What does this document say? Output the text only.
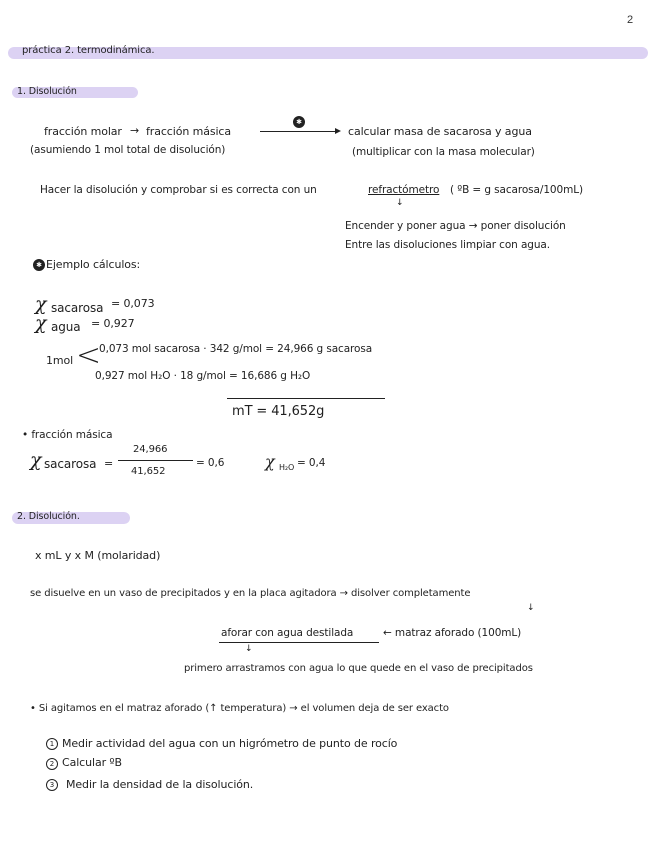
2
práctica 2. termodinámica.
1. Disolución
fracción molar → fracción másica
(asumiendo 1 mol total de disolución)
✱
calcular masa de sacarosa y agua
(multiplicar con la masa molecular)
Hacer la disolución y comprobar si es correcta con un	refractómetro ( ºB = g sacarosa/100mL)
↓
Encender y poner agua → poner disolución
Entre las disoluciones limpiar con agua.
✱ Ejemplo cálculos:
χ sacarosa = 0,073
χ agua = 0,927
1mol <
0,073 mol sacarosa · 342 g/mol = 24,966 g sacarosa
0,927 mol H₂O · 18 g/mol = 16,686 g H₂O
mT = 41,652g
• fracción másica
χ sacarosa =
24,966
41,652
= 0,6	χ H₂O = 0,4
2. Disolución.
x mL y x M (molaridad)
se disuelve en un vaso de precipitados y en la placa agitadora → disolver completamente
↓
aforar con agua destilada	← matraz aforado (100mL)
↓
primero arrastramos con agua lo que quede en el vaso de precipitados
• Si agitamos en el matraz aforado (↑ temperatura) → el volumen deja de ser exacto
1 Medir actividad del agua con un higrómetro de punto de rocío
2 Calcular ºB
3	Medir la densidad de la disolución.
